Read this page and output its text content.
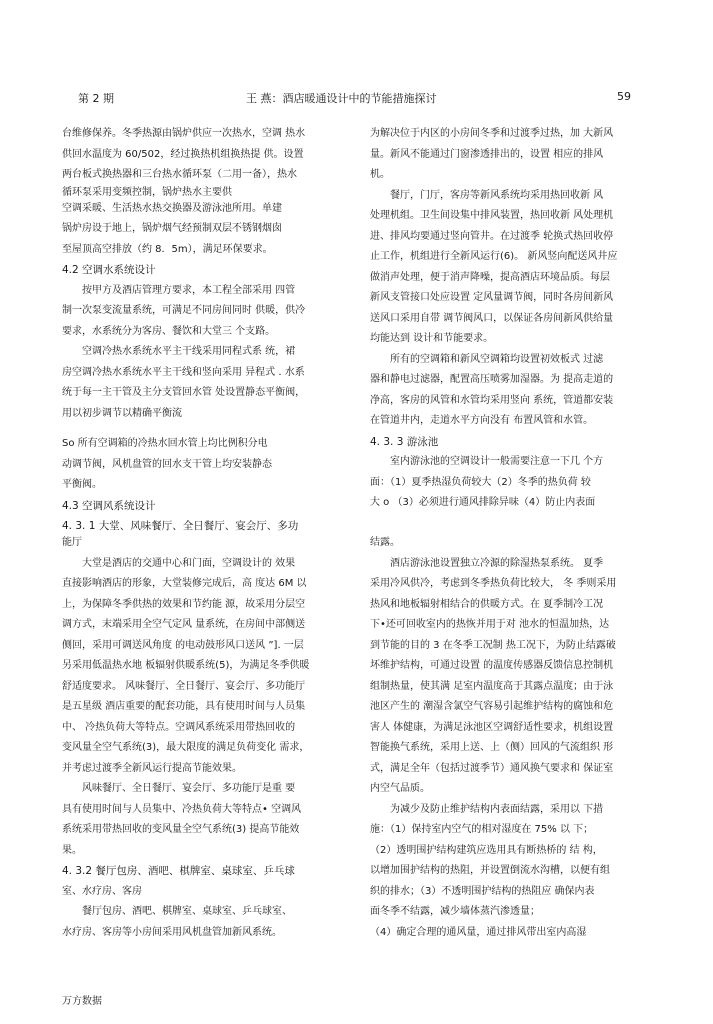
第 2 期	王 燕：酒店暖通设计中的节能措施探讨	59

台维修保养。冬季热源由锅炉供应一次热水，空调 热水

供回水温度为 60/502，经过换热机组换热提 供。设置

两台板式换热器和三台热水循环泵（二用一备），热水

循环泵采用变频控制，锅炉热水主要供

空调采暖、生活热水热交换器及游泳池所用。单建

锅炉房设于地上，锅炉烟气经预制双层不锈钢烟囱

至屋顶高空排放（约 8．5m），满足环保要求。

4.2 空调水系统设计

按甲方及酒店管理方要求，本工程全部采用 四管

制一次泵变流量系统，可满足不同房间同时 供暖，供冷

要求，水系统分为客房、餐饮和大堂三 个支路。

空调冷热水系统水平主干线采用同程式系 统，裙

房空调冷热水系统水平主干线和竖向采用 异程式 . 水系

统于每一主干管及主分支管回水管 处设置静态平衡阀，

用以初步调节以精确平衡流

So 所有空调箱的冷热水回水管上均比例积分电

动调节阀，风机盘管的回水支干管上均安装静态

平衡阀。

4.3 空调风系统设计

4. 3. 1 大堂、风味餐厅、全日餐厅、宴会厅、多功

能厅

大堂是酒店的交通中心和门面，空调设计的 效果

直接影响酒店的形象，大堂装修完成后，高 度达 6M 以

上，为保障冬季供热的效果和节约能 源，故采用分层空

调方式，末端采用全空气定风 量系统，在房间中部侧送

侧回，采用可调送风角度 的电动鼓形风口送风 ”]. 一层

另采用低温热水地 板辐射供暖系统(5)，为满足冬季供暖

舒适度要求。 风味餐厅、全日餐厅、宴会厅、多功能厅

是五星级 酒店重要的配套功能，具有使用时间与人员集

中、 冷热负荷大等特点。空调风系统采用带热回收的

变风量全空气系统(3)，最大限度的满足负荷变化 需求，

并考虑过渡季全新风运行提高节能效果。

风味餐厅、全日餐厅、宴会厅、多功能厅是重 要

具有使用时间与人员集中、冷热负荷大等特点• 空调风

系统采用带热回收的变风量全空气系统(3) 提高节能效

果。

4. 3.2 餐厅包房、酒吧、棋牌室、桌球室、乒乓球

室、水疗房、客房

餐厅包房、酒吧、棋牌室、桌球室、乒乓球室、

水疗房、客房等小房间采用风机盘管加新风系统。

为解决位于内区的小房间冬季和过渡季过热，加 大新风

量。新风不能通过门窗渗透排出的，设置 相应的排风

机。

餐厅，门厅，客房等新风系统均采用热回收新 风

处理机组。卫生间设集中排风装置，热回收新 风处理机

进、排风均要通过竖向管井。在过渡季 轮换式热回收停

止工作，机组进行全新风运行(6)。 新风竖向配送风井应

做消声处理，便于消声降噪，提高酒店环境品质。每层

新风支管接口处应设置 定风量调节阀，同时各房间新风

送风口采用自带 调节阀风口，以保证各房间新风供给量

均能达到 设计和节能要求。

所有的空调箱和新风空调箱均设置初效板式 过滤

器和静电过滤器，配置高压喷雾加湿器。为 提高走道的

净高，客房的风管和水管均采用竖向 系统，管道都安装

在管道井内，走道水平方向没有 布置风管和水管。

4. 3. 3 游泳池

室内游泳池的空调设计一般需要注意一下几 个方

面：（1）夏季热湿负荷较大（2）冬季的热负荷 较

大 o （3）必须进行通风排除异味（4）防止内表面

结露。

酒店游泳池设置独立冷源的除湿热泵系统。 夏季

采用冷风供冷，考虑到冬季热负荷比较大， 冬 季则采用

热风和地板辐射相结合的供暖方式。在 夏季制冷工况

下•还可回收室内的热恢并用于对 池水的恒温加热，达

到节能的目的 3 在冬季工况制 热工况下，为防止结露破

坏维护结构，可通过设置 的温度传感器反馈信息控制机

组制热量，使其满 足室内温度高于其露点温度；由于泳

池区产生的 潮湿含氯空气容易引起维护结构的腐蚀和危

害人 体健康，为满足泳池区空调舒适性要求，机组设置

智能换气系统，采用上送、上（侧）回风的气流组织 形

式，满足全年（包括过渡季节）通风换气要求和 保证室

内空气品质。

为减少及防止维护结构内表面结露，采用以 下措

施：（1）保持室内空气的相对湿度在 75% 以 下；

（2）透明围护结构建筑应选用具有断热桥的 结 构，

以增加围护结构的热阻，并设置倒流水沟槽，以便有组

织的排水；（3）不透明围护结构的热阻应 确保内表

面冬季不结露，减少墙体蒸汽渗透量；

（4）确定合理的通风量，通过排风带出室内高湿

万方数据
